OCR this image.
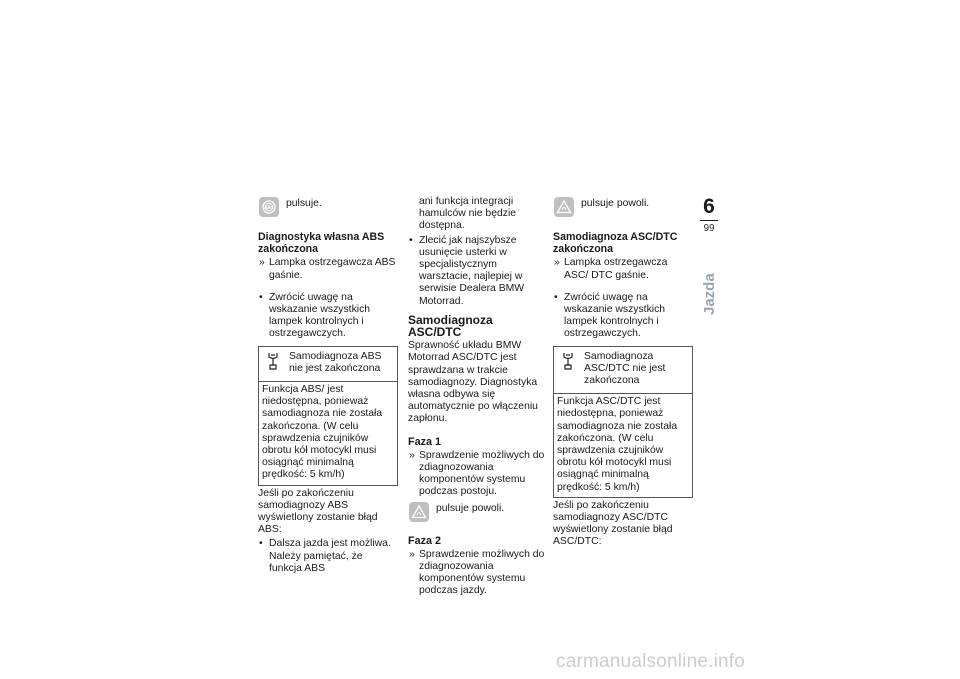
ABS pulsuje.
Diagnostyka własna ABS zakończona
» Lampka ostrzegawcza ABS gaśnie.
• Zwrócić uwagę na wskazanie wszystkich lampek kontrolnych i ostrzegawczych.
Samodiagnoza ABS nie jest zakończona
Funkcja ABS/ jest niedostępna, ponieważ samodiagnoza nie została zakończona. (W celu sprawdzenia czujników obrotu kół motocykl musi osiągnąć minimalną prędkość: 5 km/h)
Jeśli po zakończeniu samodiagnozy ABS wyświetlony zostanie błąd ABS:
• Dalsza jazda jest możliwa. Należy pamiętać, że funkcja ABS
ani funkcja integracji hamulców nie będzie dostępna.
• Zlecić jak najszybsze usunięcie usterki w specjalistycznym warsztacie, najlepiej w serwisie Dealera BMW Motorrad.
Samodiagnoza ASC/DTC
Sprawność układu BMW Motorrad ASC/DTC jest sprawdzana w trakcie samodiagnozy. Diagnostyka własna odbywa się automatycznie po włączeniu zapłonu.
Faza 1
» Sprawdzenie możliwych do zdiagnozowania komponentów systemu podczas postoju.
pulsuje powoli.
Faza 2
» Sprawdzenie możliwych do zdiagnozowania komponentów systemu podczas jazdy.
pulsuje powoli.
Samodiagnoza ASC/DTC zakończona
» Lampka ostrzegawcza ASC/ DTC gaśnie.
• Zwrócić uwagę na wskazanie wszystkich lampek kontrolnych i ostrzegawczych.
Samodiagnoza ASC/DTC nie jest zakończona
Funkcja ASC/DTC jest niedostępna, ponieważ samodiagnoza nie została zakończona. (W celu sprawdzenia czujników obrotu kół motocykl musi osiągnąć minimalną prędkość: 5 km/h)
Jeśli po zakończeniu samodiagnozy ASC/DTC wyświetlony zostanie błąd ASC/DTC:
6
99
Jazda
carmanualsonline.info
